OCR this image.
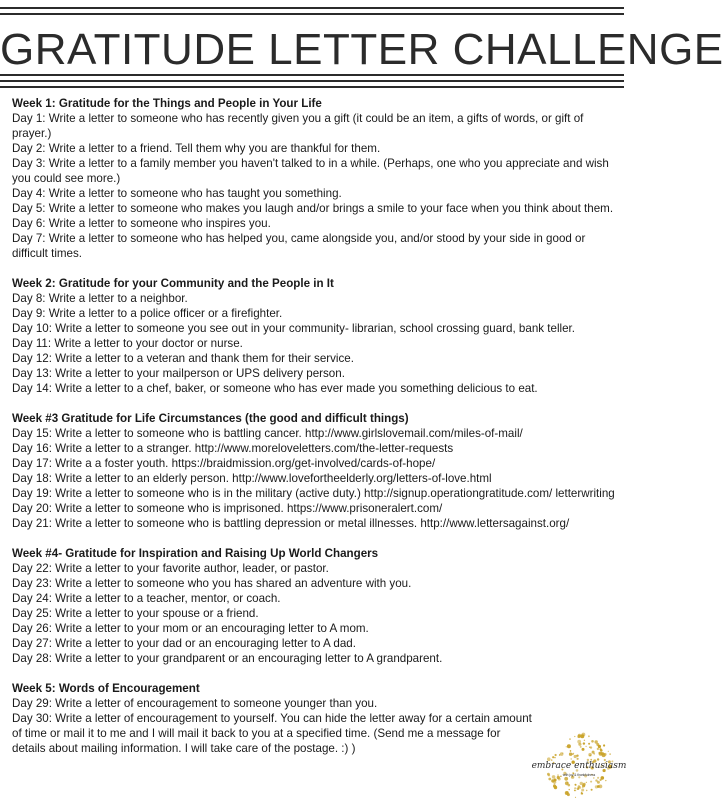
GRATITUDE LETTER CHALLENGE
Week 1: Gratitude for the Things and People in Your Life
Day 1: Write a letter to someone who has recently given you a gift (it could be an item, a gifts of words, or gift of prayer.)
Day 2: Write a letter to a friend. Tell them why you are thankful for them.
Day 3: Write a letter to a family member you haven't talked to in a while. (Perhaps, one who you appreciate and wish you could see more.)
Day 4: Write a letter to someone who has taught you something.
Day 5: Write a letter to someone who makes you laugh and/or brings a smile to your face when you think about them.
Day 6: Write a letter to someone who inspires you.
Day 7: Write a letter to someone who has helped you, came alongside you, and/or stood by your side in good or difficult times.
Week 2: Gratitude for your Community and the People in It
Day 8: Write a letter to a neighbor.
Day 9: Write a letter to a police officer or a firefighter.
Day 10: Write a letter to someone you see out in your community- librarian, school crossing guard, bank teller.
Day 11: Write a letter to your doctor or nurse.
Day 12: Write a letter to a veteran and thank them for their service.
Day 13: Write a letter to your mailperson or UPS delivery person.
Day 14: Write a letter to a chef, baker, or someone who has ever made you something delicious to eat.
Week #3 Gratitude for Life Circumstances (the good and difficult things)
Day 15: Write a letter to someone who is battling cancer. http://www.girlslovemail.com/miles-of-mail/
Day 16: Write a letter to a stranger. http://www.moreloveletters.com/the-letter-requests
Day 17: Write a a foster youth. https://braidmission.org/get-involved/cards-of-hope/
Day 18: Write a letter to an elderly person. http://www.lovefortheelderly.org/letters-of-love.html
Day 19: Write a letter to someone who is in the military (active duty.) http://signup.operationgratitude.com/ letterwriting
Day 20: Write a letter to someone who is imprisoned. https://www.prisoneralert.com/
Day 21: Write a letter to someone who is battling depression or metal illnesses. http://www.lettersagainst.org/
Week #4- Gratitude for Inspiration and Raising Up World Changers
Day 22: Write a letter to your favorite author, leader, or pastor.
Day 23: Write a letter to someone who you has shared an adventure with you.
Day 24: Write a letter to a teacher, mentor, or coach.
Day 25: Write a letter to your spouse or a friend.
Day 26: Write a letter to your mom or an encouraging letter to A mom.
Day 27: Write a letter to your dad or an encouraging letter to A dad.
Day 28: Write a letter to your grandparent or an encouraging letter to A grandparent.
Week 5: Words of Encouragement
Day 29: Write a letter of encouragement to someone younger than you.
Day 30: Write a letter of encouragement to yourself. You can hide the letter away for a certain amount of time or mail it to me and I will mail it back to you at a specified time. (Send me a message for details about mailing information. I will take care of the postage. :) )
embrace enthusiasm
with joy & thankfulness
